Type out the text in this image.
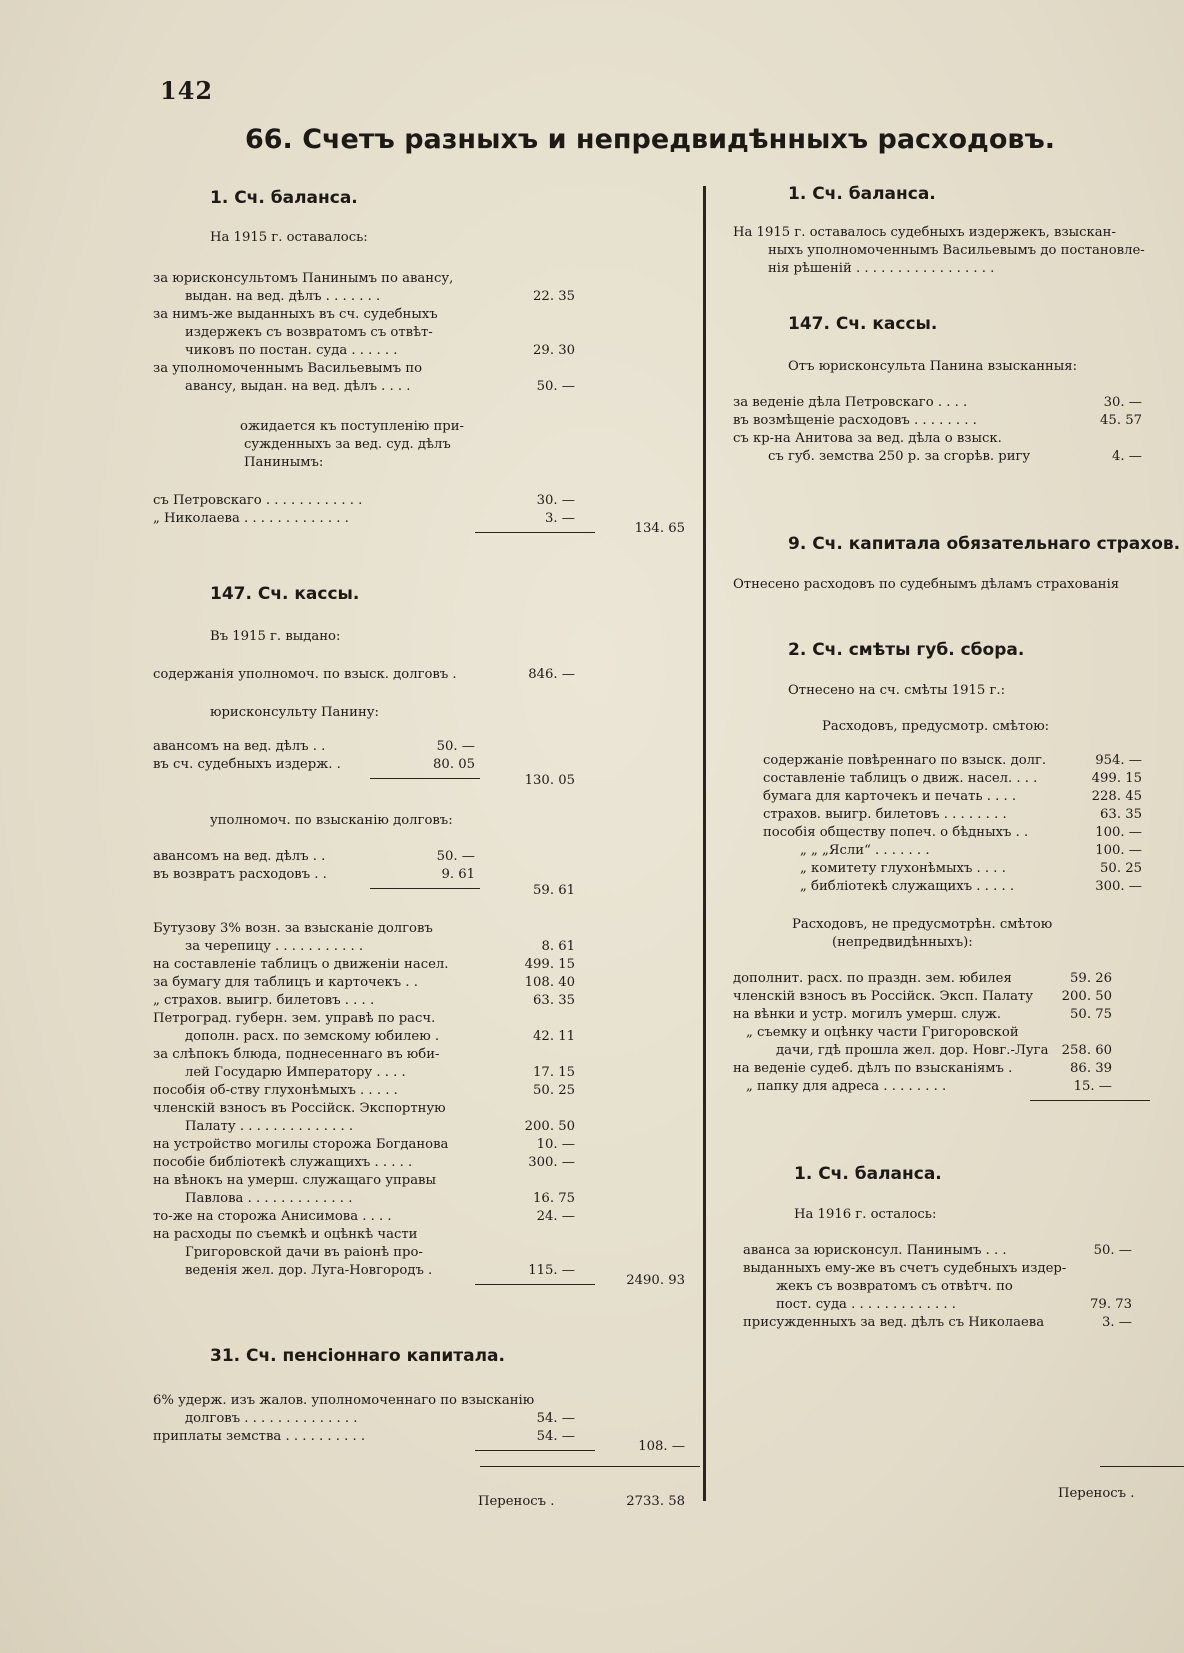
142
66. Счетъ разныхъ и непредвидѣнныхъ расходовъ.
1. Сч. баланса.
На 1915 г. оставалось:
за юрисконсультомъ Панинымъ по авансу,
выдан. на вед. дѣлъ . . . . . . .	22. 35
за нимъ-же выданныхъ въ сч. судебныхъ
издержекъ съ возвратомъ съ отвѣт-
чиковъ по постан. суда . . . . . .	29. 30
за уполномоченнымъ Васильевымъ по
авансу, выдан. на вед. дѣлъ . . . .	50. —
ожидается къ поступленію при-
сужденныхъ за вед. суд. дѣлъ
Панинымъ:
съ Петровскаго . . . . . . . . . . . .	30. —
„ Николаева . . . . . . . . . . . . .	3. —
134. 65
147. Сч. кассы.
Въ 1915 г. выдано:
содержанія уполномоч. по взыск. долговъ .	846. —
юрисконсульту Панину:
авансомъ на вед. дѣлъ . .	50. —
въ сч. судебныхъ издерж. .	80. 05
130. 05
уполномоч. по взысканію долговъ:
авансомъ на вед. дѣлъ . .	50. —
въ возвратъ расходовъ . .	9. 61
59. 61
Бутузову 3% возн. за взысканіе долговъ
за черепицу . . . . . . . . . . .	8. 61
на составленіе таблицъ о движеніи насел.	499. 15
за бумагу для таблицъ и карточекъ . .	108. 40
„ страхов. выигр. билетовъ . . . .	63. 35
Петроград. губерн. зем. управѣ по расч.
дополн. расх. по земскому юбилею .	42. 11
за слѣпокъ блюда, поднесеннаго въ юби-
лей Государю Императору . . . .	17. 15
пособія об-ству глухонѣмыхъ . . . . .	50. 25
членскій взносъ въ Россійск. Экспортную
Палату . . . . . . . . . . . . . .	200. 50
на устройство могилы сторожа Богданова	10. —
пособіе библіотекѣ служащихъ . . . . .	300. —
на вѣнокъ на умерш. служащаго управы
Павлова . . . . . . . . . . . . .	16. 75
то-же на сторожа Анисимова . . . .	24. —
на расходы по съемкѣ и оцѣнкѣ части
Григоровской дачи въ раіонѣ про-
веденія жел. дор. Луга-Новгородъ .	115. —
2490. 93
31. Сч. пенсіоннаго капитала.
6% удерж. изъ жалов. уполномоченнаго по взысканію
долговъ . . . . . . . . . . . . . .	54. —
приплаты земства . . . . . . . . . .	54. —
108. —
Переносъ .	2733. 58
1. Сч. баланса.
На 1915 г. оставалось судебныхъ издержекъ, взыскан-
ныхъ уполномоченнымъ Васильевымъ до постановле-
нія рѣшеній . . . . . . . . . . . . . . . . .
147. Сч. кассы.
Отъ юрисконсульта Панина взысканныя:
за веденіе дѣла Петровскаго . . . .	30. —
въ возмѣщеніе расходовъ . . . . . . . .	45. 57
съ кр-на Анитова за вед. дѣла о взыск.
съ губ. земства 250 р. за сгорѣв. ригу	4. —
9. Сч. капитала обязательнаго страхов.
Отнесено расходовъ по судебнымъ дѣламъ страхованія
2. Сч. смѣты губ. сбора.
Отнесено на сч. смѣты 1915 г.:
Расходовъ, предусмотр. смѣтою:
содержаніе повѣреннаго по взыск. долг.	954. —
составленіе таблицъ о движ. насел. . . .	499. 15
бумага для карточекъ и печать . . . .	228. 45
страхов. выигр. билетовъ . . . . . . . .	63. 35
пособія обществу попеч. о бѣдныхъ . .	100. —
„ „ „Ясли“ . . . . . . .	100. —
„ комитету глухонѣмыхъ . . . .	50. 25
„ библіотекѣ служащихъ . . . . .	300. —
Расходовъ, не предусмотрѣн. смѣтою
(непредвидѣнныхъ):
дополнит. расх. по праздн. зем. юбилея	59. 26
членскій взносъ въ Россійск. Эксп. Палату	200. 50
на вѣнки и устр. могилъ умерш. служ.	50. 75
„ съемку и оцѣнку части Григоровской
дачи, гдѣ прошла жел. дор. Новг.-Луга	258. 60
на веденіе судеб. дѣлъ по взысканіямъ .	86. 39
„ папку для адреса . . . . . . . .	15. —
1. Сч. баланса.
На 1916 г. осталось:
аванса за юрисконсул. Панинымъ . . .	50. —
выданныхъ ему-же въ счетъ судебныхъ издер-
жекъ съ возвратомъ съ отвѣтч. по
пост. суда . . . . . . . . . . . . .	79. 73
присужденныхъ за вед. дѣлъ съ Николаева	3. —
Переносъ .
